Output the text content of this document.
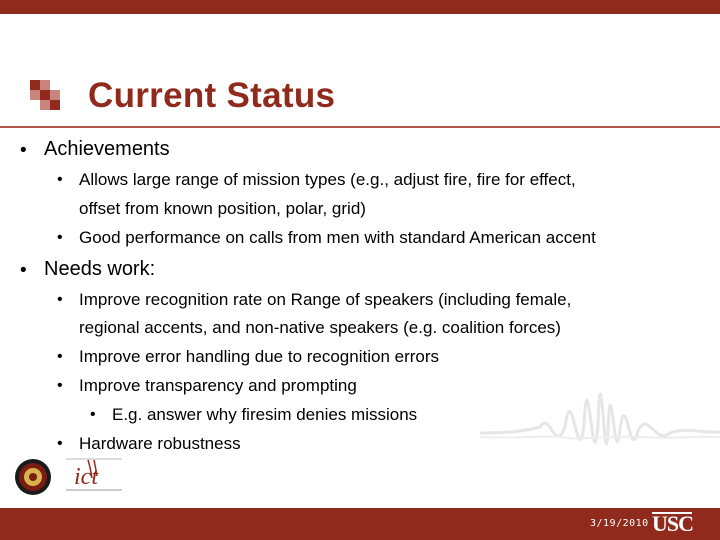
Current Status
• Achievements
• Allows large range of mission types (e.g., adjust fire, fire for effect,
offset from known position, polar, grid)
• Good performance on calls from men with standard American accent
• Needs work:
• Improve recognition rate on Range of speakers (including female,
regional accents, and non-native speakers (e.g. coalition forces)
• Improve error handling due to recognition errors
• Improve transparency and prompting
• E.g. answer why firesim denies missions
• Hardware robustness
ict
3/19/2010 USC
